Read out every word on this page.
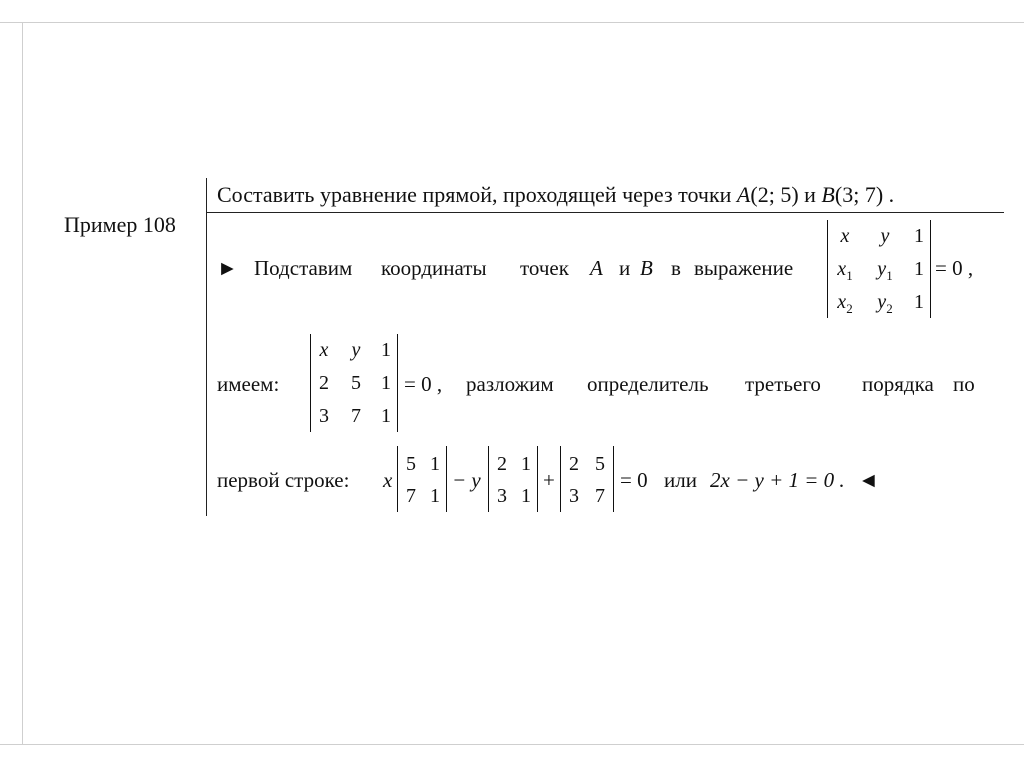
Пример 108
Составить уравнение прямой, проходящей через точки A(2; 5) и B(3; 7) .
► Подставим координаты точек A и B в выражение
x	y	1
$x_1$ $y_1$	1
$x_2$ $y_2$	1
= 0 ,
имеем:
x	y	1
2	5	1
3	7	1
= 0 , разложим определитель третьего порядка по
первой строке: x
5 1
7 1
− y
2 1
3 1
+
2 5
3 7
= 0 или 2x − y + 1 = 0 . ◄
